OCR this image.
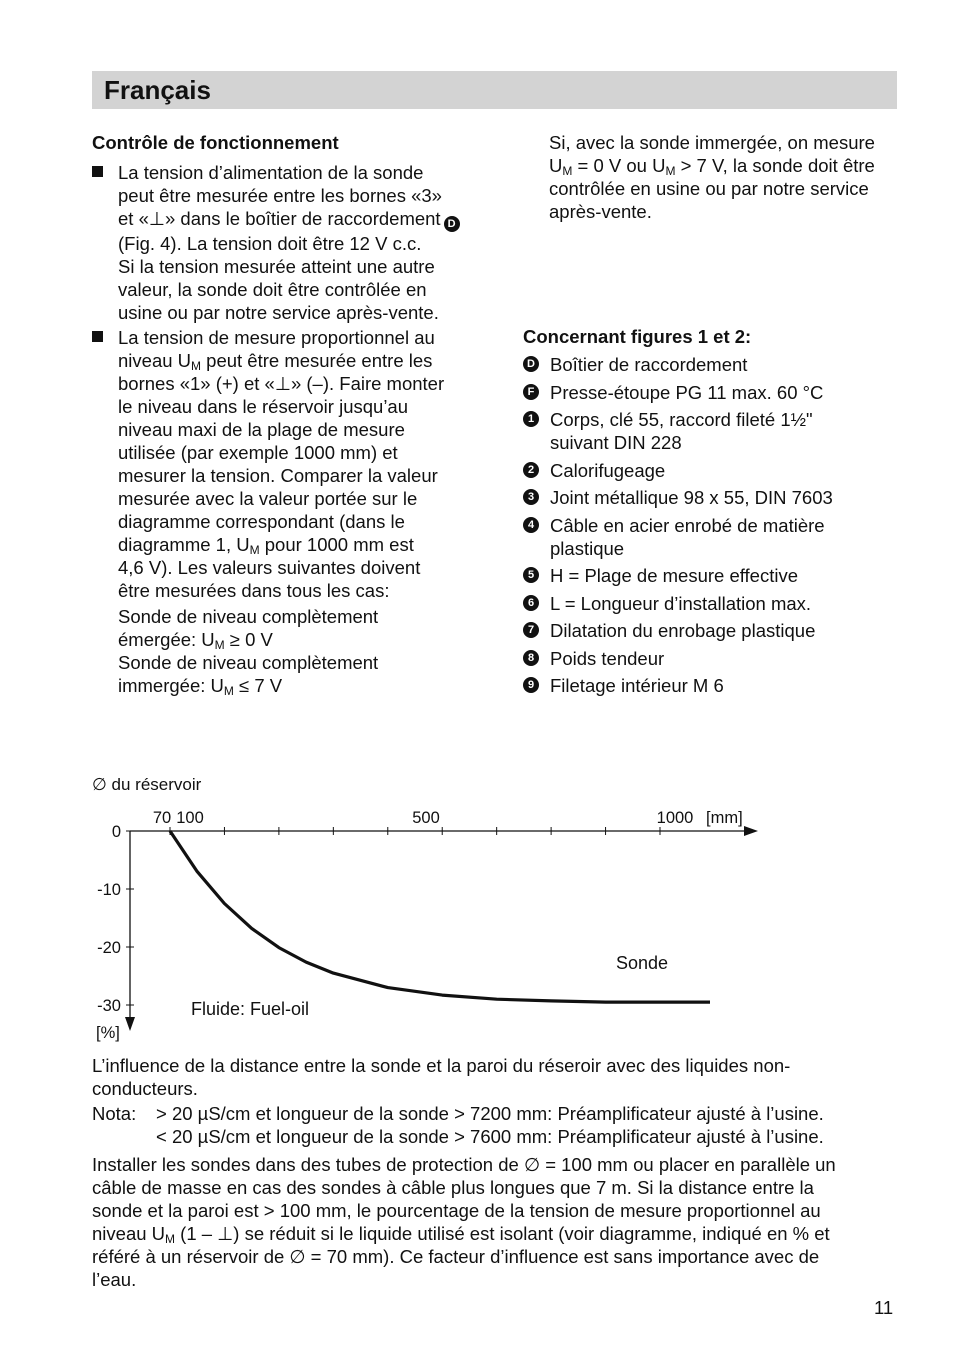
Français
Contrôle de fonctionnement
La tension d’alimentation de la sonde
peut être mesurée entre les bornes «3»
et «⊥» dans le boîtier de raccordement D
(Fig. 4). La tension doit être 12 V c.c.
Si la tension mesurée atteint une autre
valeur, la sonde doit être contrôlée en
usine ou par notre service après-vente.
La tension de mesure proportionnel au
niveau $U_M$ peut être mesurée entre les
bornes «1» (+) et «⊥» (–). Faire monter
le niveau dans le réservoir jusqu’au
niveau maxi de la plage de mesure
utilisée (par exemple 1000 mm) et
mesurer la tension. Comparer la valeur
mesurée avec la valeur portée sur le
diagramme correspondant (dans le
diagramme 1, $U_M$ pour 1000 mm est
4,6 V). Les valeurs suivantes doivent
être mesurées dans tous les cas:
Sonde de niveau complètement
émergée: $U_M \ge 0$ V
Sonde de niveau complètement
immergée: $U_M \le 7$ V
Si, avec la sonde immergée, on mesure
$U_M = 0$ V ou $U_M > 7$ V, la sonde doit être
contrôlée en usine ou par notre service
après-vente.
Concernant figures 1 et 2:
D Boîtier de raccordement
F Presse-étoupe PG 11 max. 60 °C
1 Corps, clé 55, raccord fileté 1½"
suivant DIN 228
2 Calorifugeage
3 Joint métallique 98 x 55, DIN 7603
4 Câble en acier enrobé de matière
plastique
5 H = Plage de mesure effective
6 L = Longueur d’installation max.
7 Dilatation du enrobage plastique
8 Poids tendeur
9 Filetage intérieur M 6
∅ du réservoir
70 100	500	1000 [mm]
0
-10
-20
-30
[%]
Sonde
Fluide: Fuel-oil
L’influence de la distance entre la sonde et la paroi du réseroir avec des liquides non-
conducteurs.
Nota: > 20 µS/cm et longueur de la sonde > 7200 mm: Préamplificateur ajusté à l’usine.
< 20 µS/cm et longueur de la sonde > 7600 mm: Préamplificateur ajusté à l’usine.
Installer les sondes dans des tubes de protection de ∅ = 100 mm ou placer en parallèle un
câble de masse en cas des sondes à câble plus longues que 7 m. Si la distance entre la
sonde et la paroi est > 100 mm, le pourcentage de la tension de mesure proportionnel au
niveau $U_M$ (1 – ⊥) se réduit si le liquide utilisé est isolant (voir diagramme, indiqué en % et
référé à un réservoir de ∅ = 70 mm). Ce facteur d’influence est sans importance avec de
l’eau.
11
